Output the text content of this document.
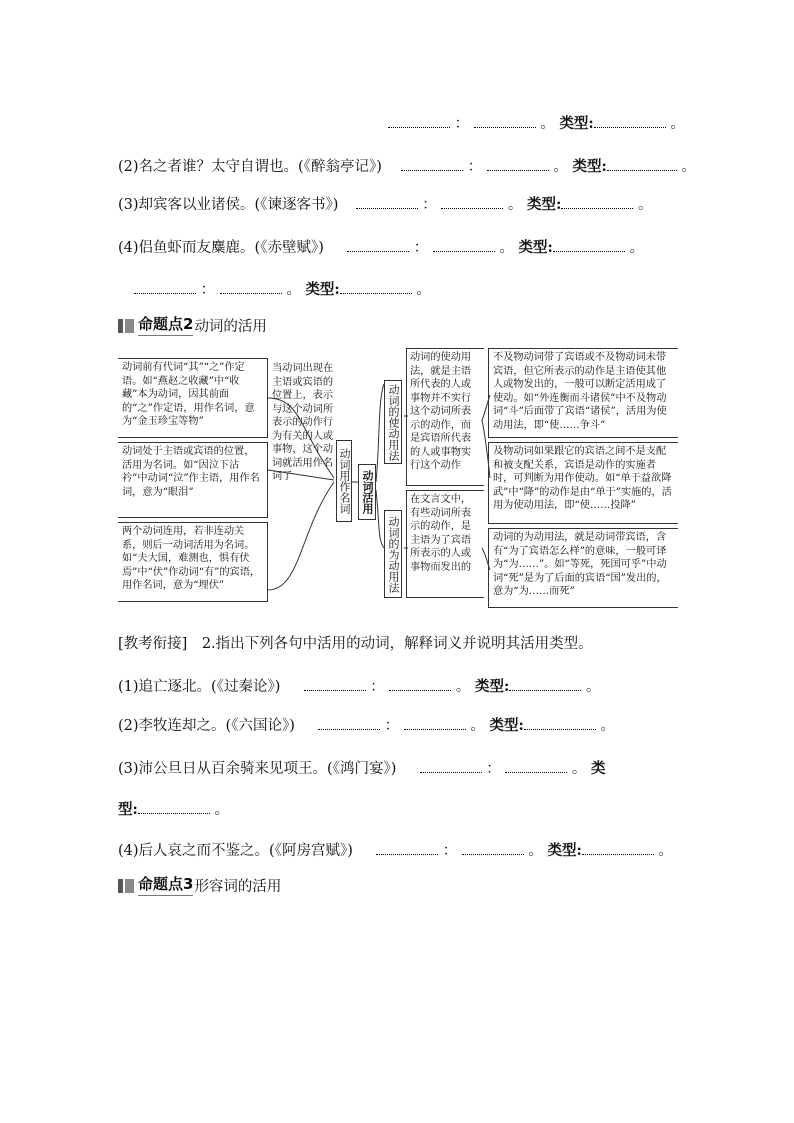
：	。 类型:	。
(2)名之者谁？太守自谓也。(《醉翁亭记》)	：	。 类型:	。
(3)却宾客以业诸侯。(《谏逐客书》)	：	。 类型:	。
(4)侣鱼虾而友麋鹿。(《赤壁赋》)	：	。 类型:	。
：	。 类型:	。
命题点2 动词的活用
动词前有代词“其”“之”作定语。如“燕赵之收藏”中“收藏”本为动词，因其前面的“之”作定语，用作名词，意为“金玉珍宝等物”
动词处于主语或宾语的位置，活用为名词。如“因泣下沾衿”中动词“泣”作主语，用作名词，意为“眼泪”
两个动词连用，若非连动关系，则后一动词活用为名词。如“夫大国，难测也，惧有伏焉”中“伏”作动词“有”的宾语，用作名词，意为“埋伏”
当动词出现在主语或宾语的位置上，表示与这个动词所表示的动作行为有关的人或事物，这个动词就活用作名词了	动词用作名词 动词活用
动词的使动用法
动词的为动用法
动词的使动用法，就是主语所代表的人或事物并不实行这个动词所表示的动作，而是宾语所代表的人或事物实行这个动作
在文言文中，有些动词所表示的动作，是主语为了宾语所表示的人或事物而发出的
不及物动词带了宾语或不及物动词未带宾语，但它所表示的动作是主语使其他人或物发出的，一般可以断定活用成了使动。如“外连衡而斗诸侯”中不及物动词“斗”后面带了宾语“诸侯”，活用为使动用法，即“使……争斗”
及物动词如果跟它的宾语之间不是支配和被支配关系，宾语是动作的实施者时，可判断为用作使动。如“单于益欲降武”中“降”的动作是由“单于”实施的，活用为使动用法，即“使……投降”
动词的为动用法，就是动词带宾语，含有“为了宾语怎么样”的意味，一般可译为“为……”。如“等死，死国可乎”中动词“死”是为了后面的宾语“国”发出的，意为“为……而死”
[教考衔接]　2.指出下列各句中活用的动词，解释词义并说明其活用类型。
(1)追亡逐北。(《过秦论》)	：	。 类型:	。
(2)李牧连却之。(《六国论》)	：	。 类型:	。
(3)沛公旦日从百余骑来见项王。(《鸿门宴》)	：	。 类
型:	。
(4)后人哀之而不鉴之。(《阿房宫赋》)	：	。 类型:	。
命题点3 形容词的活用
